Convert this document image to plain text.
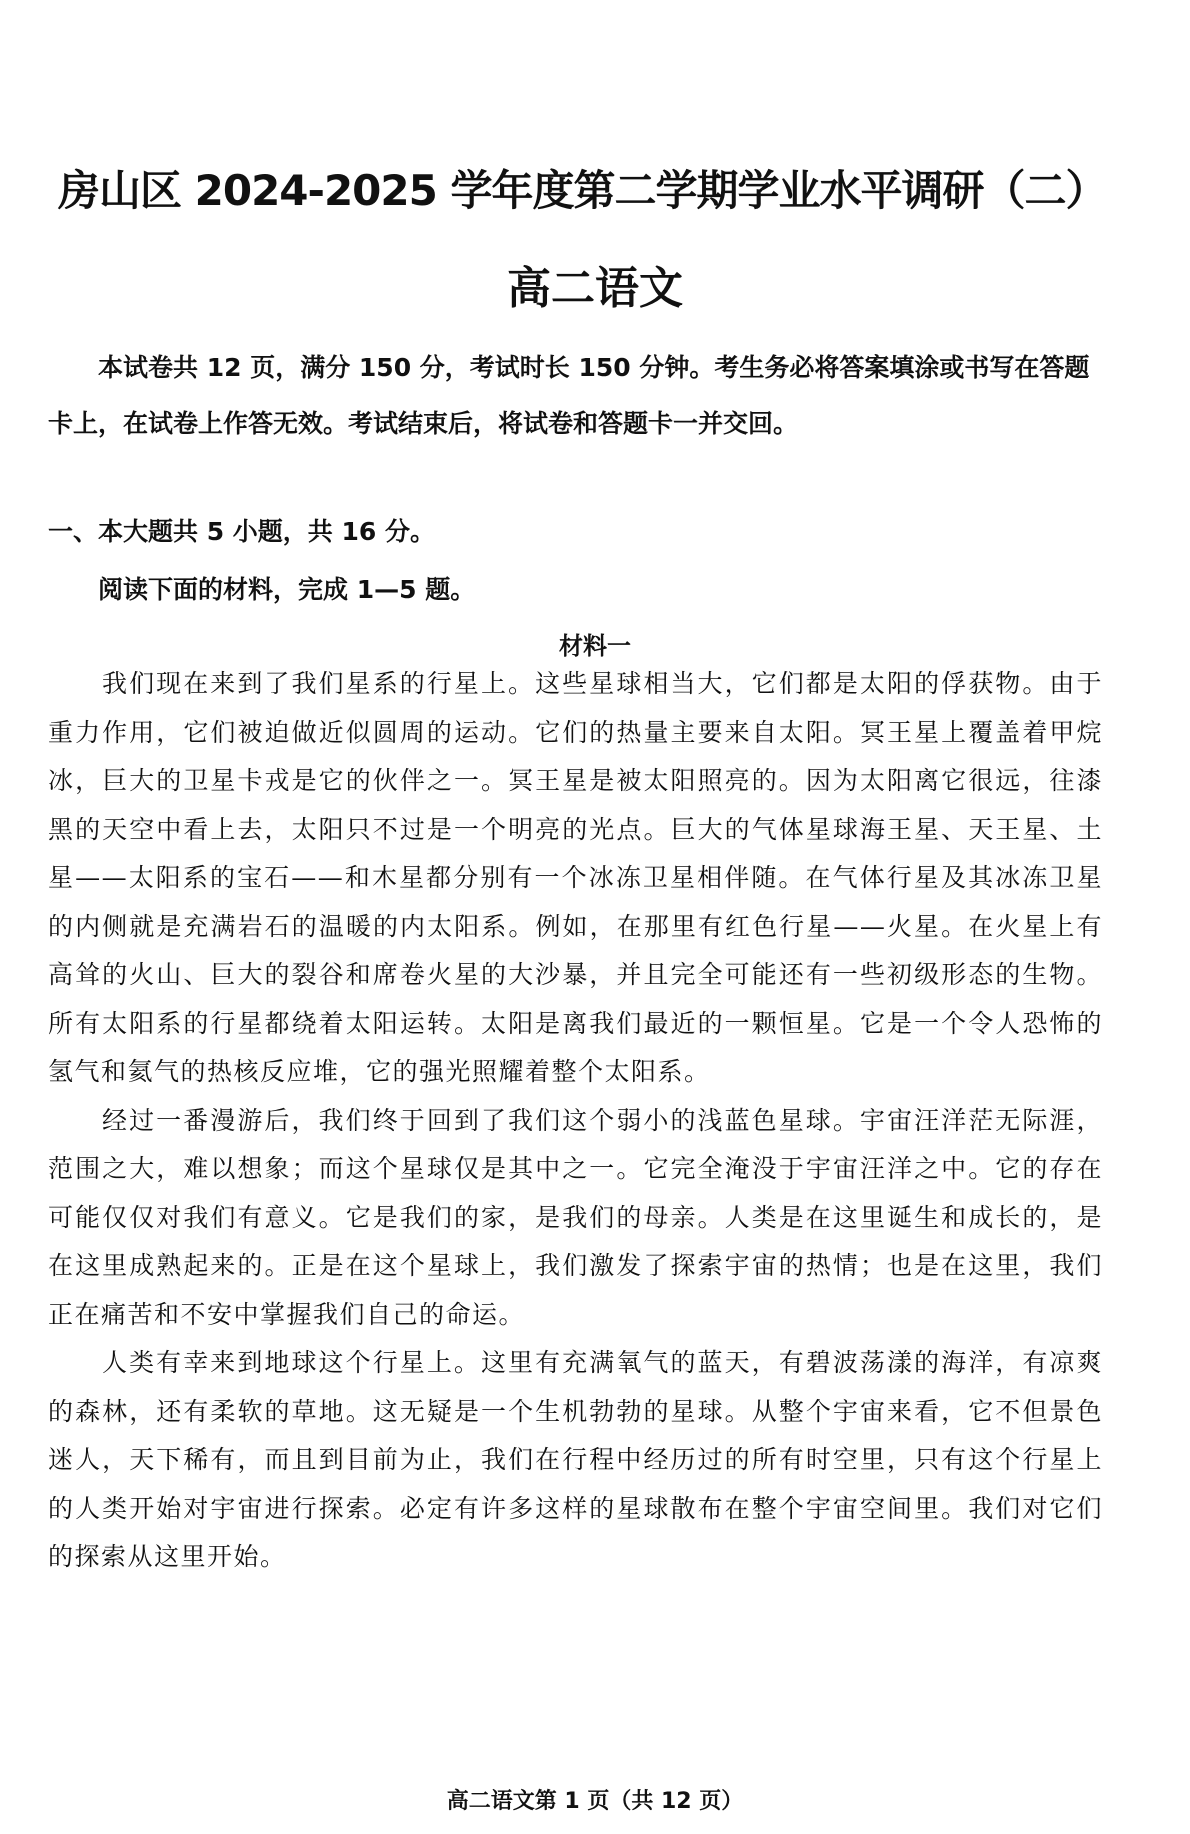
房山区 2024-2025 学年度第二学期学业水平调研（二）
高二语文
本试卷共 12 页，满分 150 分，考试时长 150 分钟。考生务必将答案填涂或书写在答题卡上，在试卷上作答无效。考试结束后，将试卷和答题卡一并交回。
一、本大题共 5 小题，共 16 分。
阅读下面的材料，完成 1—5 题。
材料一

我们现在来到了我们星系的行星上。这些星球相当大，它们都是太阳的俘获物。由于重力作用，它们被迫做近似圆周的运动。它们的热量主要来自太阳。冥王星上覆盖着甲烷冰，巨大的卫星卡戎是它的伙伴之一。冥王星是被太阳照亮的。因为太阳离它很远，往漆黑的天空中看上去，太阳只不过是一个明亮的光点。巨大的气体星球海王星、天王星、土星——太阳系的宝石——和木星都分别有一个冰冻卫星相伴随。在气体行星及其冰冻卫星的内侧就是充满岩石的温暖的内太阳系。例如，在那里有红色行星——火星。在火星上有高耸的火山、巨大的裂谷和席卷火星的大沙暴，并且完全可能还有一些初级形态的生物。所有太阳系的行星都绕着太阳运转。太阳是离我们最近的一颗恒星。它是一个令人恐怖的氢气和氦气的热核反应堆，它的强光照耀着整个太阳系。

经过一番漫游后，我们终于回到了我们这个弱小的浅蓝色星球。宇宙汪洋茫无际涯，范围之大，难以想象；而这个星球仅是其中之一。它完全淹没于宇宙汪洋之中。它的存在可能仅仅对我们有意义。它是我们的家，是我们的母亲。人类是在这里诞生和成长的，是在这里成熟起来的。正是在这个星球上，我们激发了探索宇宙的热情；也是在这里，我们正在痛苦和不安中掌握我们自己的命运。

人类有幸来到地球这个行星上。这里有充满氧气的蓝天，有碧波荡漾的海洋，有凉爽的森林，还有柔软的草地。这无疑是一个生机勃勃的星球。从整个宇宙来看，它不但景色迷人，天下稀有，而且到目前为止，我们在行程中经历过的所有时空里，只有这个行星上的人类开始对宇宙进行探索。必定有许多这样的星球散布在整个宇宙空间里。我们对它们的探索从这里开始。

高二语文第 1 页（共 12 页）
